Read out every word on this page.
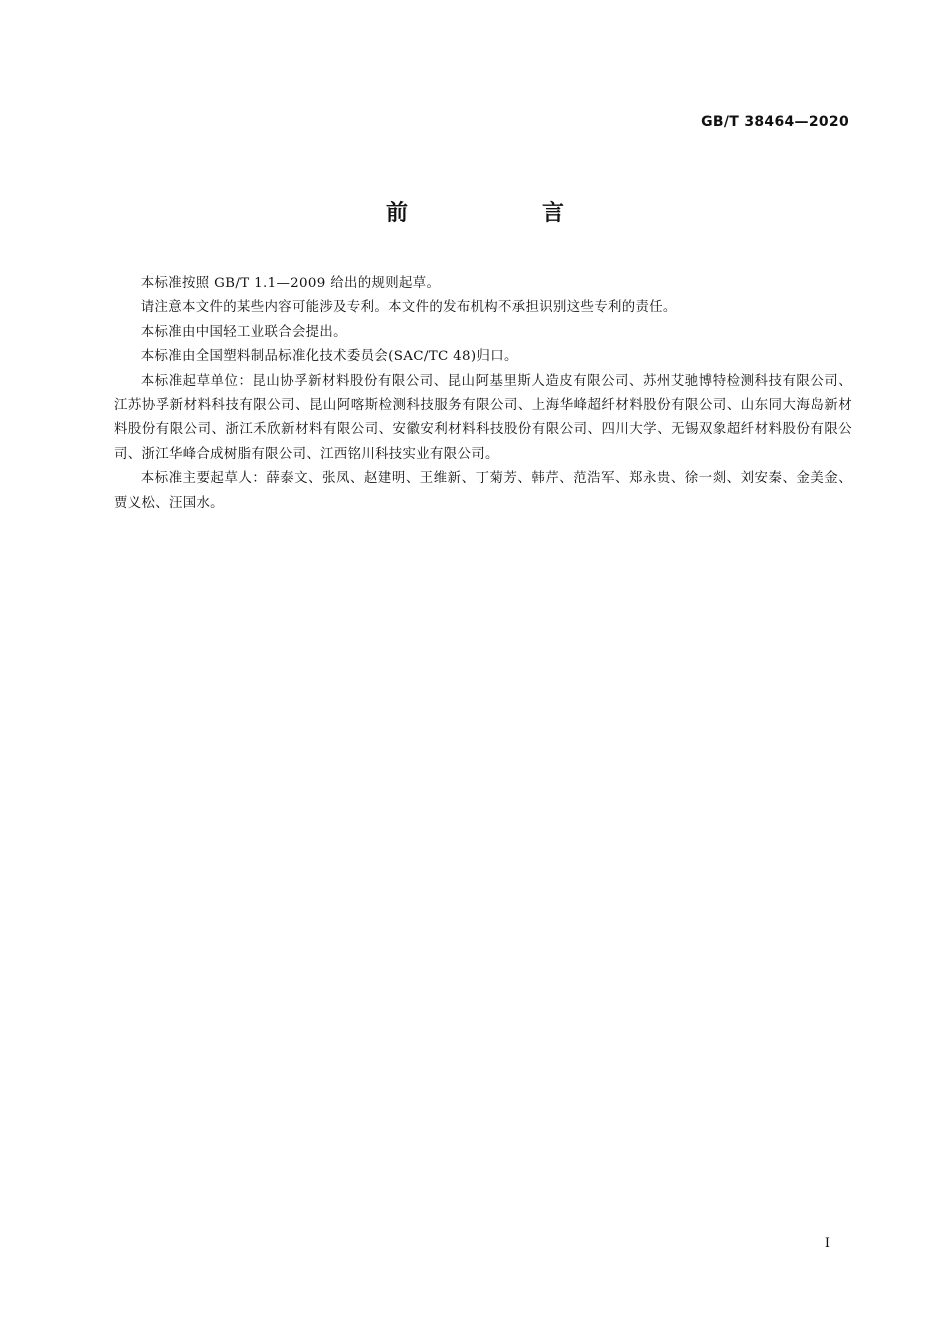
GB/T 38464—2020

前　言

本标准按照 GB/T 1.1—2009 给出的规则起草。

请注意本文件的某些内容可能涉及专利。本文件的发布机构不承担识别这些专利的责任。

本标准由中国轻工业联合会提出。

本标准由全国塑料制品标准化技术委员会(SAC/TC 48)归口。

本标准起草单位：昆山协孚新材料股份有限公司、昆山阿基里斯人造皮有限公司、苏州艾驰博特检测科技有限公司、江苏协孚新材料科技有限公司、昆山阿喀斯检测科技服务有限公司、上海华峰超纤材料股份有限公司、山东同大海岛新材料股份有限公司、浙江禾欣新材料有限公司、安徽安利材料科技股份有限公司、四川大学、无锡双象超纤材料股份有限公司、浙江华峰合成树脂有限公司、江西铭川科技实业有限公司。

本标准主要起草人：薛泰文、张凤、赵建明、王维新、丁菊芳、韩芹、范浩军、郑永贵、徐一剡、刘安秦、金美金、贾义松、汪国水。

I
